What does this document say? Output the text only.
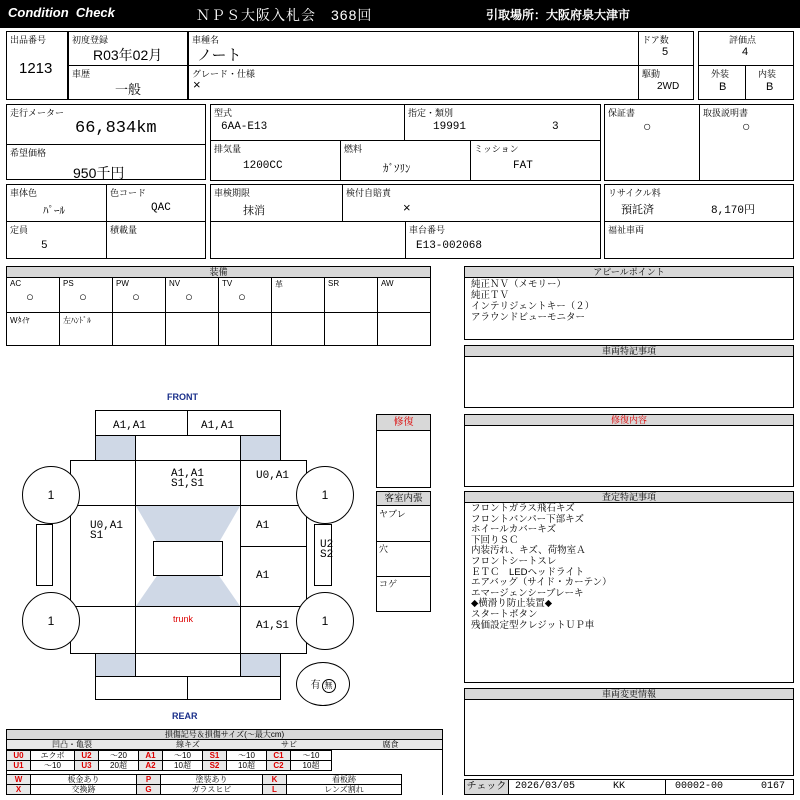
Condition  Check	ＮＰＳ大阪入札会　368回	引取場所：大阪府泉大津市
出品番号
1213
初度登録
R03年02月
車歴
一般
車種名
ノート
グレード・仕様
×
ドア数
5
駆動
2WD
評価点
4
外装
B
内装
B
走行メーター
66,834km
希望価格
950千円
型式
6AA-E13
指定・類別
19991	3
排気量
1200CC
燃料
ｶﾞｿﾘﾝ
ミッション
FAT
保証書
○
取扱説明書
○
車体色
ﾊﾟｰﾙ
色コード
QAC
定員
5
積載量
車検期限
抹消
検付自賠責
×
車台番号
E13-002068
リサイクル料
預託済	8,170円
福祉車両
装備
AC	PS	PW	NV	TV	革	SR	AW
○	○	○	○	○
Wﾀｲﾔ	左ﾊﾝﾄﾞﾙ
アピールポイント
純正ＮＶ（メモリー）
純正ＴＶ
インテリジェントキー（２）
アラウンドビューモニター
車両特記事項
修復内容
査定特記事項
フロントガラス飛石キズ
フロントバンパー下部キズ
ホイールカバーキズ
下回りＳＣ
内装汚れ、キズ、荷物室Ａ
フロントシートスレ
ＥＴＣ　LEDヘッドライト
エアバッグ（サイド・カーテン）
エマージェンシーブレーキ
◆横滑り防止装置◆
スタートボタン
残価設定型クレジットＵＰ車
車両変更情報
チェック 2026/03/05	KK	00002-00	0167
FRONT
REAR
A1,A1	A1,A1
A1,A1
S1,S1
U0,A1
U0,A1
S1
A1
A1
trunk
A1,S1
U2
S2
1	1
1	1
有 無
修復
客室内張
ヤブレ
穴
コゲ
損傷記号＆損傷サイズ(〜最大cm)
凹凸・亀裂	線キズ	サビ	腐食
U0	エクボ	U2	〜20	A1	〜10	S1	〜10	C1	〜10
U1	〜10	U3	20超	A2	10超	S2	10超	C2	10超
W	板金あり	P	塗装あり	K	看板跡
X	交換跡	G	ガラスヒビ	L	レンズ割れ
